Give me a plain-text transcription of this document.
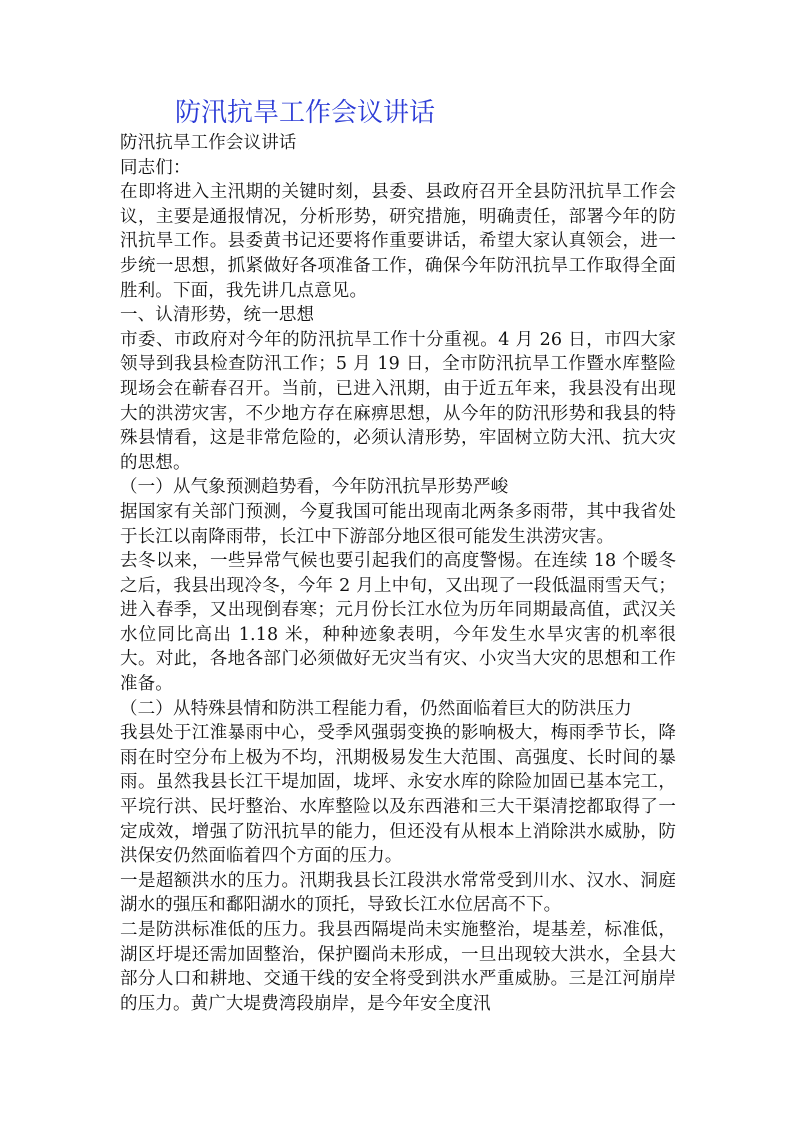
防汛抗旱工作会议讲话

防汛抗旱工作会议讲话

同志们：

在即将进入主汛期的关键时刻，县委、县政府召开全县防汛抗旱工作会议，主要是通报情况，分析形势，研究措施，明确责任，部署今年的防汛抗旱工作。县委黄书记还要将作重要讲话，希望大家认真领会，进一步统一思想，抓紧做好各项准备工作，确保今年防汛抗旱工作取得全面胜利。下面，我先讲几点意见。

一、认清形势，统一思想

市委、市政府对今年的防汛抗旱工作十分重视。4 月 26 日，市四大家领导到我县检查防汛工作；5 月 19 日，全市防汛抗旱工作暨水库整险现场会在蕲春召开。当前，已进入汛期，由于近五年来，我县没有出现大的洪涝灾害，不少地方存在麻痹思想，从今年的防汛形势和我县的特殊县情看，这是非常危险的，必须认清形势，牢固树立防大汛、抗大灾的思想。

（一）从气象预测趋势看，今年防汛抗旱形势严峻

据国家有关部门预测，今夏我国可能出现南北两条多雨带，其中我省处于长江以南降雨带，长江中下游部分地区很可能发生洪涝灾害。

去冬以来，一些异常气候也要引起我们的高度警惕。在连续 18 个暖冬之后，我县出现冷冬，今年 2 月上中旬，又出现了一段低温雨雪天气；进入春季，又出现倒春寒；元月份长江水位为历年同期最高值，武汉关水位同比高出 1.18 米，种种迹象表明，今年发生水旱灾害的机率很大。对此，各地各部门必须做好无灾当有灾、小灾当大灾的思想和工作准备。

（二）从特殊县情和防洪工程能力看，仍然面临着巨大的防洪压力

我县处于江淮暴雨中心，受季风强弱变换的影响极大，梅雨季节长，降雨在时空分布上极为不均，汛期极易发生大范围、高强度、长时间的暴雨。虽然我县长江干堤加固，垅坪、永安水库的除险加固已基本完工，平垸行洪、民圩整治、水库整险以及东西港和三大干渠清挖都取得了一定成效，增强了防汛抗旱的能力，但还没有从根本上消除洪水威胁，防洪保安仍然面临着四个方面的压力。

一是超额洪水的压力。汛期我县长江段洪水常常受到川水、汉水、洞庭湖水的强压和鄱阳湖水的顶托，导致长江水位居高不下。

二是防洪标准低的压力。我县西隔堤尚未实施整治，堤基差，标准低，湖区圩堤还需加固整治，保护圈尚未形成，一旦出现较大洪水，全县大部分人口和耕地、交通干线的安全将受到洪水严重威胁。三是江河崩岸的压力。黄广大堤费湾段崩岸，是今年安全度汛
